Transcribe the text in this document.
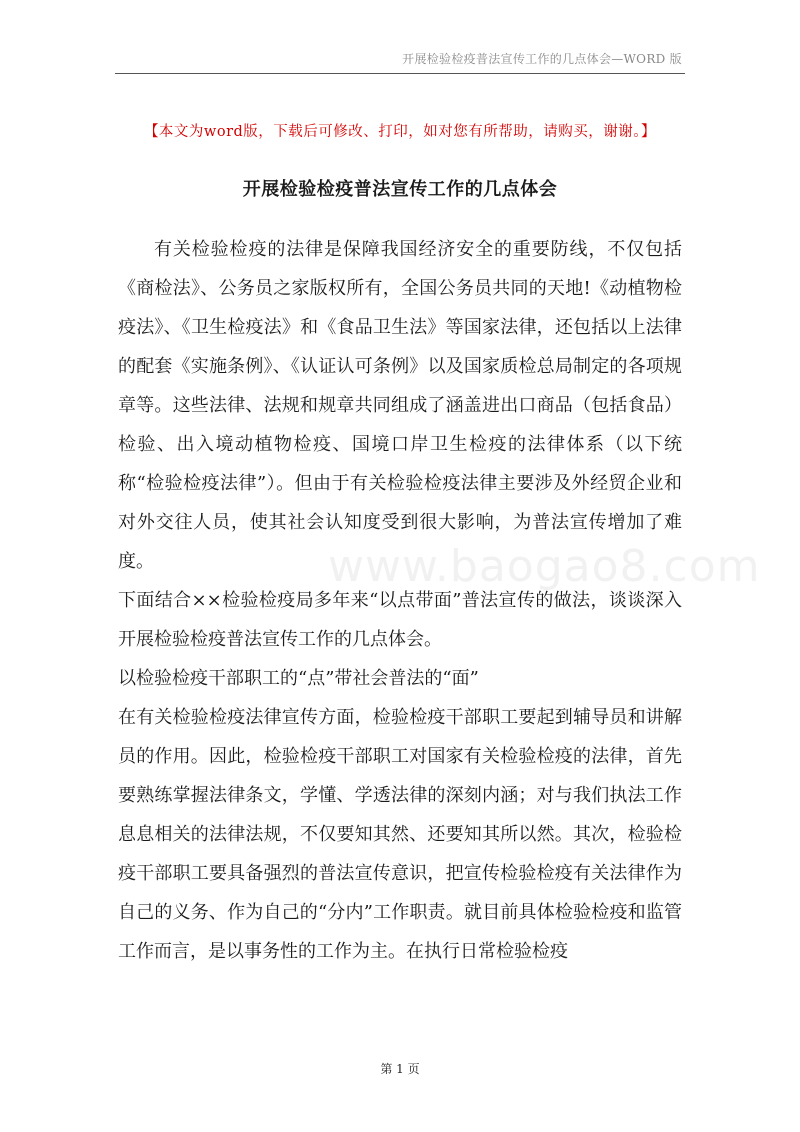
开展检验检疫普法宣传工作的几点体会—WORD 版
【本文为word版，下载后可修改、打印，如对您有所帮助，请购买，谢谢。】
开展检验检疫普法宣传工作的几点体会

有关检验检疫的法律是保障我国经济安全的重要防线，不仅包括《商检法》、公务员之家版权所有，全国公务员共同的天地!《动植物检疫法》、《卫生检疫法》和《食品卫生法》等国家法律，还包括以上法律的配套《实施条例》、《认证认可条例》以及国家质检总局制定的各项规章等。这些法律、法规和规章共同组成了涵盖进出口商品（包括食品）检验、出入境动植物检疫、国境口岸卫生检疫的法律体系（以下统称“检验检疫法律”）。但由于有关检验检疫法律主要涉及外经贸企业和对外交往人员，使其社会认知度受到很大影响，为普法宣传增加了难度。

下面结合××检验检疫局多年来“以点带面”普法宣传的做法，谈谈深入开展检验检疫普法宣传工作的几点体会。

以检验检疫干部职工的“点”带社会普法的“面”

在有关检验检疫法律宣传方面，检验检疫干部职工要起到辅导员和讲解员的作用。因此，检验检疫干部职工对国家有关检验检疫的法律，首先要熟练掌握法律条文，学懂、学透法律的深刻内涵；对与我们执法工作息息相关的法律法规，不仅要知其然、还要知其所以然。其次，检验检疫干部职工要具备强烈的普法宣传意识，把宣传检验检疫有关法律作为自己的义务、作为自己的“分内”工作职责。就目前具体检验检疫和监管工作而言，是以事务性的工作为主。在执行日常检验检疫

www.baogao8.com
第 1 页
